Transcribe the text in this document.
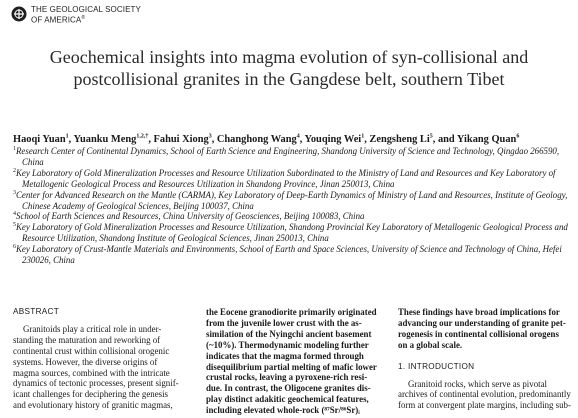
THE GEOLOGICAL SOCIETY
OF AMERICA®
Geochemical insights into magma evolution of syn-collisional and
postcollisional granites in the Gangdese belt, southern Tibet
Haoqi Yuan$^1$, Yuanku Meng$^{1,2,\dagger}$, Fahui Xiong$^3$, Changhong Wang$^4$, Youqing Wei$^1$, Zengsheng Li$^5$, and Yikang Quan$^6$

$^1$Research Center of Continental Dynamics, School of Earth Science and Engineering, Shandong University of Science and Technology, Qingdao 266590, China

$^2$Key Laboratory of Gold Mineralization Processes and Resource Utilization Subordinated to the Ministry of Land and Resources and Key Laboratory of Metallogenic Geological Process and Resources Utilization in Shandong Province, Jinan 250013, China

$^3$Center for Advanced Research on the Mantle (CARMA), Key Laboratory of Deep-Earth Dynamics of Ministry of Land and Resources, Institute of Geology, Chinese Academy of Geological Sciences, Beijing 100037, China

$^4$School of Earth Sciences and Resources, China University of Geosciences, Beijing 100083, China

$^5$Key Laboratory of Gold Mineralization Processes and Resource Utilization, Shandong Provincial Key Laboratory of Metallogenic Geological Process and Resource Utilization, Shandong Institute of Geological Sciences, Jinan 250013, China

$^6$Key Laboratory of Crust-Mantle Materials and Environments, School of Earth and Space Sciences, University of Science and Technology of China, Hefei 230026, China

ABSTRACT
Granitoids play a critical role in under-
standing the maturation and reworking of
continental crust within collisional orogenic
systems. However, the diverse origins of
magma sources, combined with the intricate
dynamics of tectonic processes, present signif-
icant challenges for deciphering the genesis
and evolutionary history of granitic magmas,
the Eocene granodiorite primarily originated
from the juvenile lower crust with the as-
similation of the Nyingchi ancient basement
(~10%). Thermodynamic modeling further
indicates that the magma formed through
disequilibrium partial melting of mafic lower
crustal rocks, leaving a pyroxene-rich resi-
due. In contrast, the Oligocene granites dis-
play distinct adakitic geochemical features,
including elevated whole-rock (⁸⁷Sr/⁸⁶Sr)ᵢ
These findings have broad implications for
advancing our understanding of granite pet-
rogenesis in continental collisional orogens
on a global scale.
1. INTRODUCTION
Granitoid rocks, which serve as pivotal
archives of continental evolution, predominantly
form at convergent plate margins, including sub-
